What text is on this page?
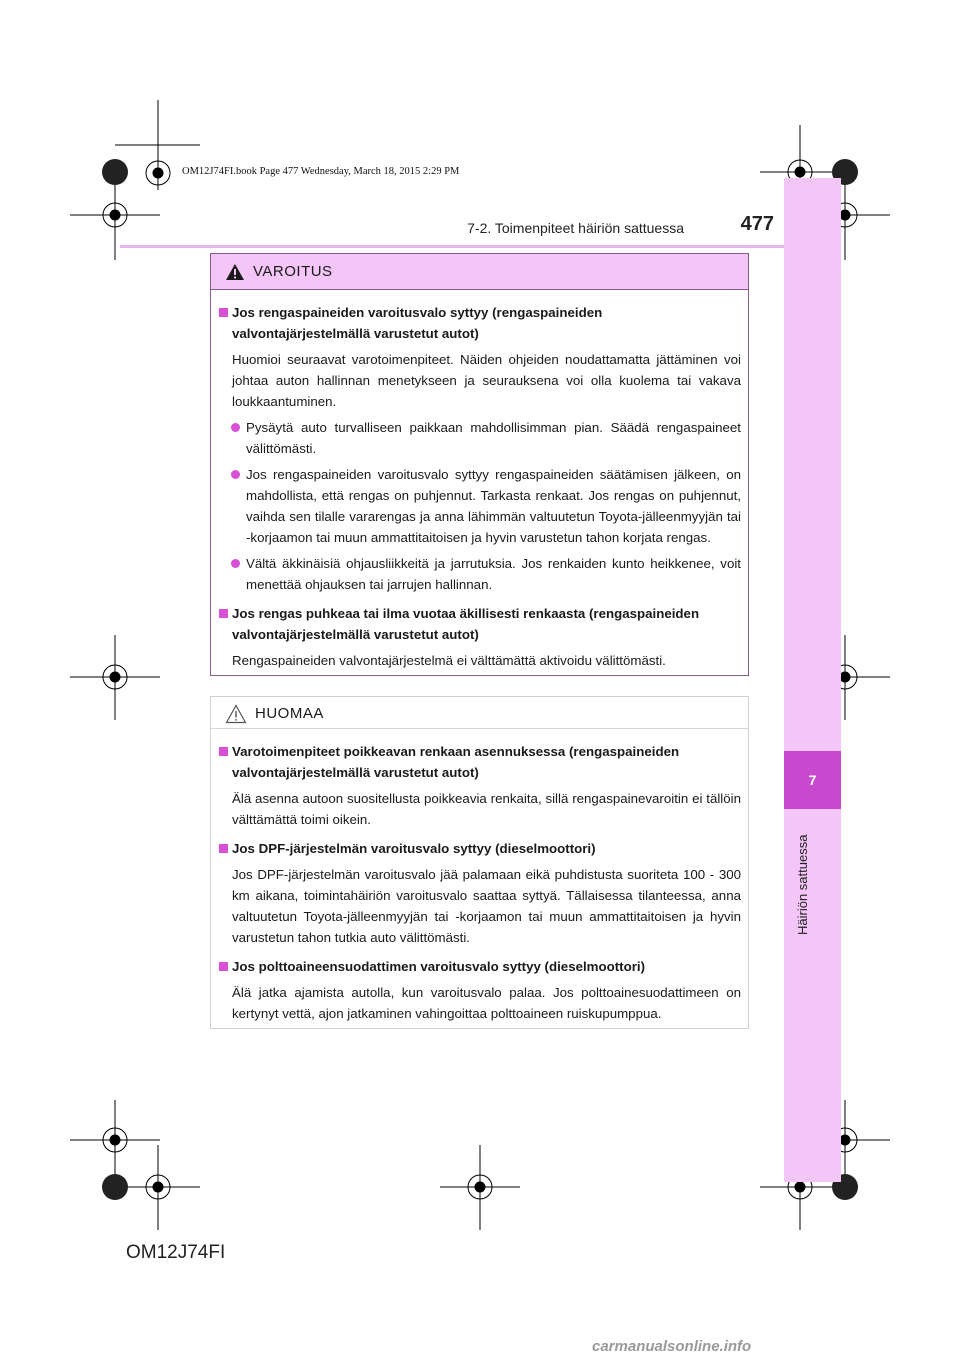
OM12J74FI.book Page 477 Wednesday, March 18, 2015 2:29 PM
7-2. Toimenpiteet häiriön sattuessa	477
7
Häiriön sattuessa
VAROITUS
Jos rengaspaineiden varoitusvalo syttyy (rengaspaineiden valvontajärjestelmällä varustetut autot)
Huomioi seuraavat varotoimenpiteet. Näiden ohjeiden noudattamatta jättäminen voi johtaa auton hallinnan menetykseen ja seurauksena voi olla kuolema tai vakava loukkaantuminen.
Pysäytä auto turvalliseen paikkaan mahdollisimman pian. Säädä rengaspaineet välittömästi.
Jos rengaspaineiden varoitusvalo syttyy rengaspaineiden säätämisen jälkeen, on mahdollista, että rengas on puhjennut. Tarkasta renkaat. Jos rengas on puhjennut, vaihda sen tilalle vararengas ja anna lähimmän valtuutetun Toyota-jälleenmyyjän tai -korjaamon tai muun ammattitaitoisen ja hyvin varustetun tahon korjata rengas.
Vältä äkkinäisiä ohjausliikkeitä ja jarrutuksia. Jos renkaiden kunto heikkenee, voit menettää ohjauksen tai jarrujen hallinnan.
Jos rengas puhkeaa tai ilma vuotaa äkillisesti renkaasta (rengaspaineiden valvontajärjestelmällä varustetut autot)
Rengaspaineiden valvontajärjestelmä ei välttämättä aktivoidu välittömästi.
HUOMAA
Varotoimenpiteet poikkeavan renkaan asennuksessa (rengaspaineiden valvontajärjestelmällä varustetut autot)
Älä asenna autoon suositellusta poikkeavia renkaita, sillä rengaspainevaroitin ei tällöin välttämättä toimi oikein.
Jos DPF-järjestelmän varoitusvalo syttyy (dieselmoottori)
Jos DPF-järjestelmän varoitusvalo jää palamaan eikä puhdistusta suoriteta 100 - 300 km aikana, toimintahäiriön varoitusvalo saattaa syttyä. Tällaisessa tilanteessa, anna valtuutetun Toyota-jälleenmyyjän tai -korjaamon tai muun ammattitaitoisen ja hyvin varustetun tahon tutkia auto välittömästi.
Jos polttoaineensuodattimen varoitusvalo syttyy (dieselmoottori)
Älä jatka ajamista autolla, kun varoitusvalo palaa. Jos polttoainesuodattimeen on kertynyt vettä, ajon jatkaminen vahingoittaa polttoaineen ruiskupumppua.
OM12J74FI
carmanualsonline.info
